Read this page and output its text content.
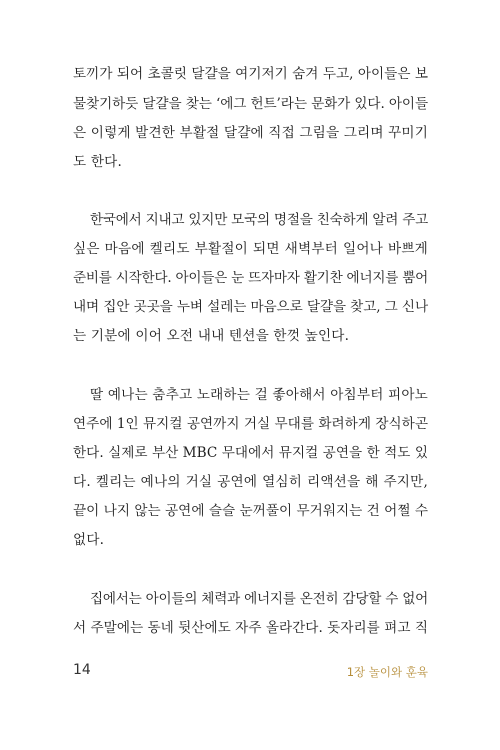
토끼가 되어 초콜릿 달걀을 여기저기 숨겨 두고, 아이들은 보
물찾기하듯 달걀을 찾는 ‘에그 헌트’라는 문화가 있다. 아이들
은 이렇게 발견한 부활절 달걀에 직접 그림을 그리며 꾸미기
도 한다.
한국에서 지내고 있지만 모국의 명절을 친숙하게 알려 주고
싶은 마음에 켈리도 부활절이 되면 새벽부터 일어나 바쁘게
준비를 시작한다. 아이들은 눈 뜨자마자 활기찬 에너지를 뿜어
내며 집안 곳곳을 누벼 설레는 마음으로 달걀을 찾고, 그 신나
는 기분에 이어 오전 내내 텐션을 한껏 높인다.
딸 예나는 춤추고 노래하는 걸 좋아해서 아침부터 피아노
연주에 1인 뮤지컬 공연까지 거실 무대를 화려하게 장식하곤
한다. 실제로 부산 MBC 무대에서 뮤지컬 공연을 한 적도 있
다. 켈리는 예나의 거실 공연에 열심히 리액션을 해 주지만,
끝이 나지 않는 공연에 슬슬 눈꺼풀이 무거워지는 건 어쩔 수
없다.
집에서는 아이들의 체력과 에너지를 온전히 감당할 수 없어
서 주말에는 동네 뒷산에도 자주 올라간다. 돗자리를 펴고 직
14	1장 놀이와 훈육
